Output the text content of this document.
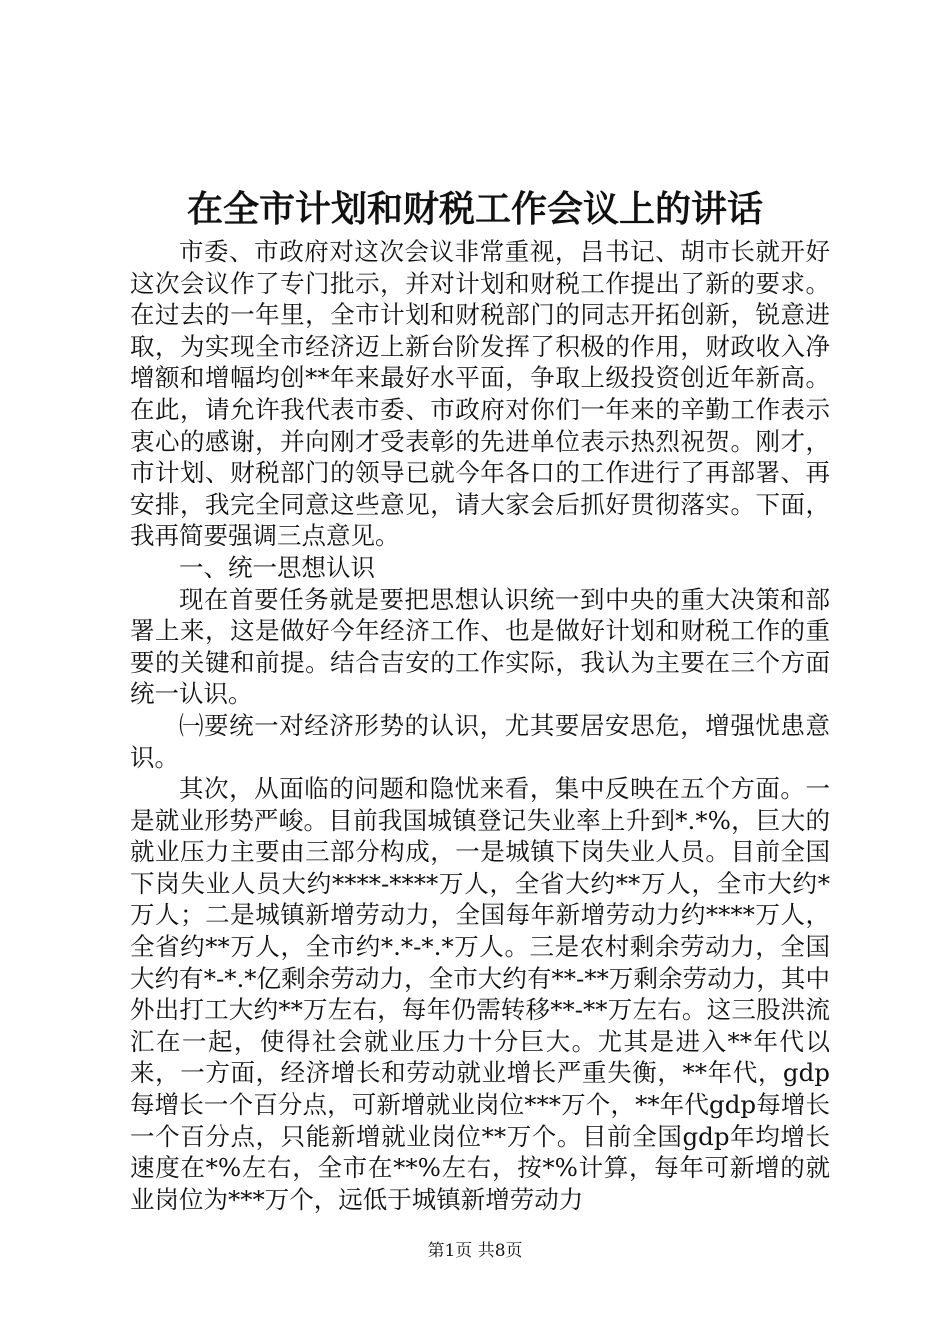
在全市计划和财税工作会议上的讲话

市委、市政府对这次会议非常重视，吕书记、胡市长就开好这次会议作了专门批示，并对计划和财税工作提出了新的要求。在过去的一年里，全市计划和财税部门的同志开拓创新，锐意进取，为实现全市经济迈上新台阶发挥了积极的作用，财政收入净增额和增幅均创**年来最好水平面，争取上级投资创近年新高。在此，请允许我代表市委、市政府对你们一年来的辛勤工作表示衷心的感谢，并向刚才受表彰的先进单位表示热烈祝贺。刚才，市计划、财税部门的领导已就今年各口的工作进行了再部署、再安排，我完全同意这些意见，请大家会后抓好贯彻落实。下面，我再简要强调三点意见。

一、统一思想认识

现在首要任务就是要把思想认识统一到中央的重大决策和部署上来，这是做好今年经济工作、也是做好计划和财税工作的重要的关键和前提。结合吉安的工作实际，我认为主要在三个方面统一认识。

㈠要统一对经济形势的认识，尤其要居安思危，增强忧患意识。

其次，从面临的问题和隐忧来看，集中反映在五个方面。一是就业形势严峻。目前我国城镇登记失业率上升到*.*%，巨大的就业压力主要由三部分构成，一是城镇下岗失业人员。目前全国下岗失业人员大约****-****万人，全省大约**万人，全市大约*万人；二是城镇新增劳动力，全国每年新增劳动力约****万人，全省约**万人，全市约*.*-*.*万人。三是农村剩余劳动力，全国大约有*-*.*亿剩余劳动力，全市大约有**-**万剩余劳动力，其中外出打工大约**万左右，每年仍需转移**-**万左右。这三股洪流汇在一起，使得社会就业压力十分巨大。尤其是进入**年代以来，一方面，经济增长和劳动就业增长严重失衡，**年代，gdp每增长一个百分点，可新增就业岗位***万个，**年代gdp每增长一个百分点，只能新增就业岗位**万个。目前全国gdp年均增长速度在*%左右，全市在**%左右，按*%计算，每年可新增的就业岗位为***万个，远低于城镇新增劳动力

第1页 共8页
